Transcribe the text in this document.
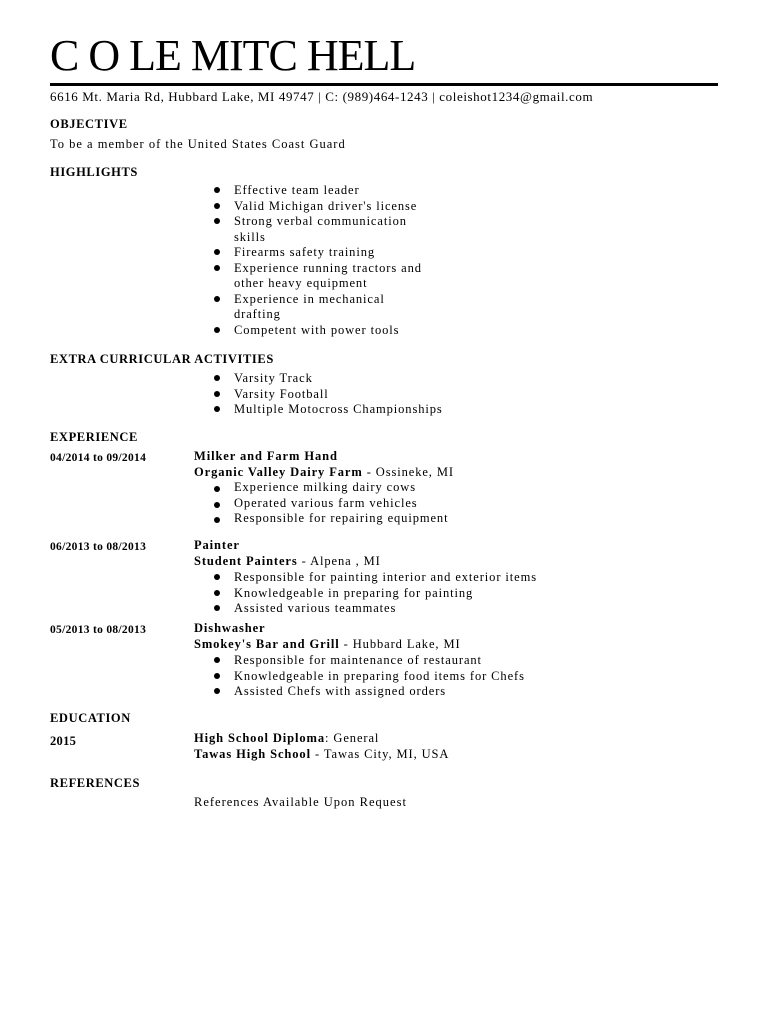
C O LE MITC HELL
6616 Mt. Maria Rd, Hubbard Lake, MI 49747 | C: (989)464-1243 | coleishot1234@gmail.com
OBJECTIVE
To be a member of the United States Coast Guard
HIGHLIGHTS
Effective team leader
Valid Michigan driver's license
Strong verbal communication
skills
Firearms safety training
Experience running tractors and
other heavy equipment
Experience in mechanical
drafting
Competent with power tools
EXTRA CURRICULAR ACTIVITIES
Varsity Track
Varsity Football
Multiple Motocross Championships
EXPERIENCE
04/2014 to 09/2014	Milker and Farm Hand
Organic Valley Dairy Farm - Ossineke, MI
Experience milking dairy cows
Operated various farm vehicles
Responsible for repairing equipment
06/2013 to 08/2013	Painter
Student Painters - Alpena , MI
Responsible for painting interior and exterior items
Knowledgeable in preparing for painting
Assisted various teammates
05/2013 to 08/2013	Dishwasher
Smokey's Bar and Grill - Hubbard Lake, MI
Responsible for maintenance of restaurant
Knowledgeable in preparing food items for Chefs
Assisted Chefs with assigned orders
EDUCATION
2015	High School Diploma: General
Tawas High School - Tawas City, MI, USA
REFERENCES
References Available Upon Request
